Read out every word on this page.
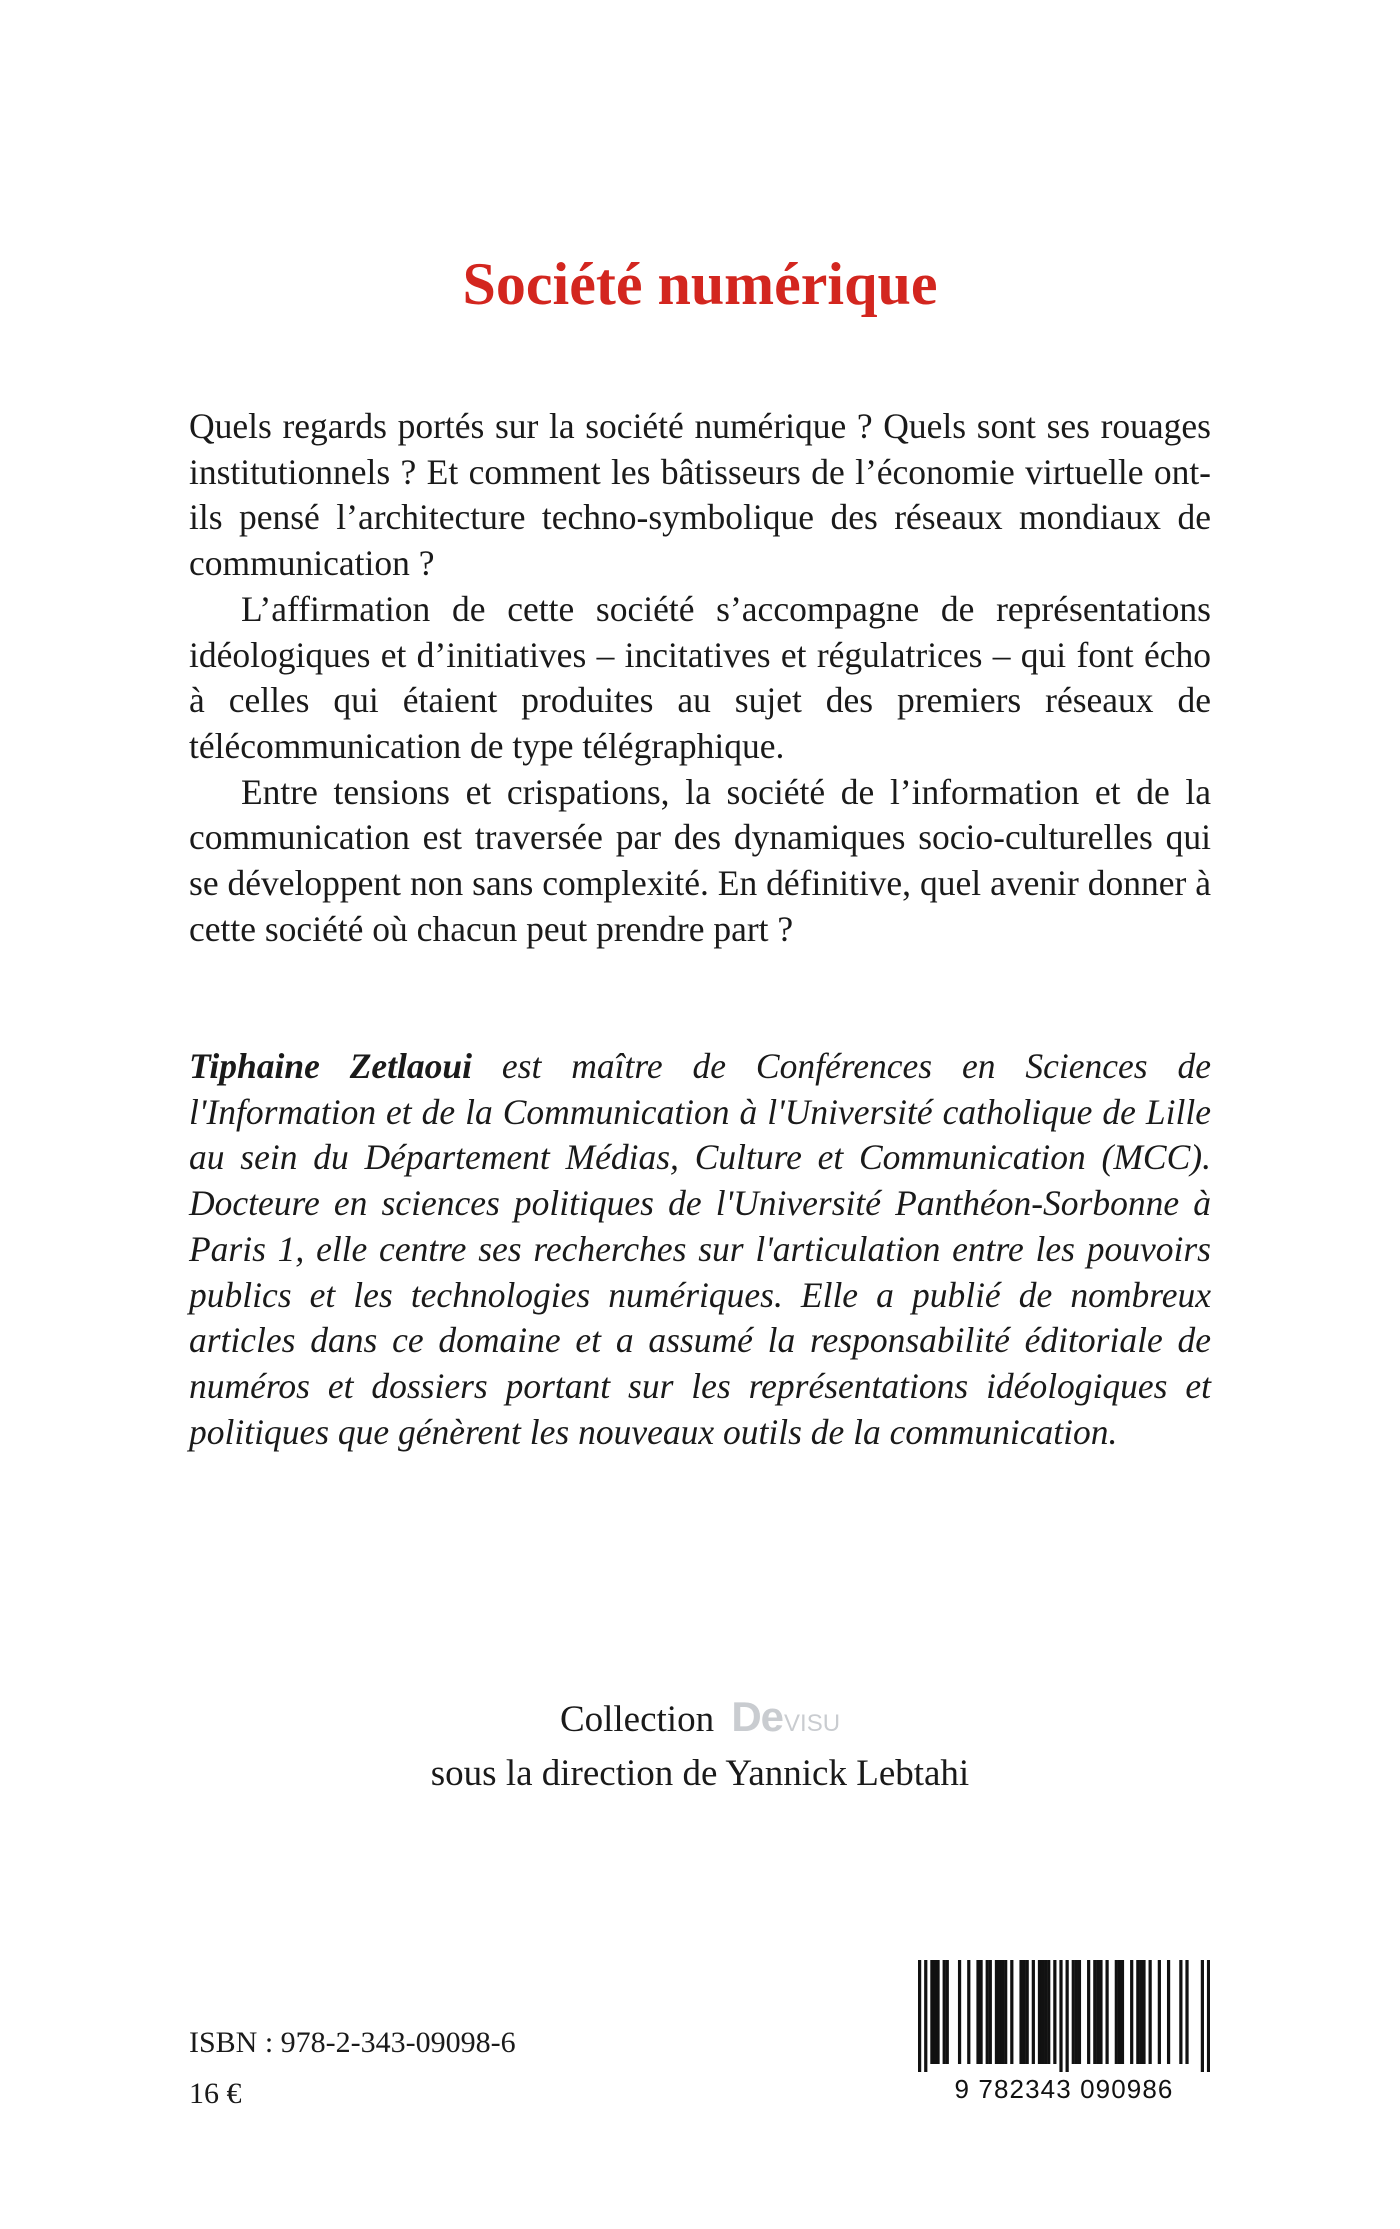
Société numérique

Quels regards portés sur la société numérique ? Quels sont ses rouages institutionnels ? Et comment les bâtisseurs de l’économie virtuelle ont-ils pensé l’architecture techno-symbolique des réseaux mondiaux de communication ?

L’affirmation de cette société s’accompagne de représentations idéologiques et d’initiatives – incitatives et régulatrices – qui font écho à celles qui étaient produites au sujet des premiers réseaux de télécommunication de type télégraphique.

Entre tensions et crispations, la société de l’information et de la communication est traversée par des dynamiques socio-culturelles qui se développent non sans complexité. En définitive, quel avenir donner à cette société où chacun peut prendre part ?

Tiphaine Zetlaoui est maître de Conférences en Sciences de l'Information et de la Communication à l'Université catholique de Lille au sein du Département Médias, Culture et Communication (MCC). Docteure en sciences politiques de l'Université Panthéon-Sorbonne à Paris 1, elle centre ses recherches sur l'articulation entre les pouvoirs publics et les technologies numériques. Elle a publié de nombreux articles dans ce domaine et a assumé la responsabilité éditoriale de numéros et dossiers portant sur les représentations idéologiques et politiques que génèrent les nouveaux outils de la communication.
Collection DeVISU
sous la direction de Yannick Lebtahi
ISBN : 978-2-343-09098-6
16 €	9 782343 090986
